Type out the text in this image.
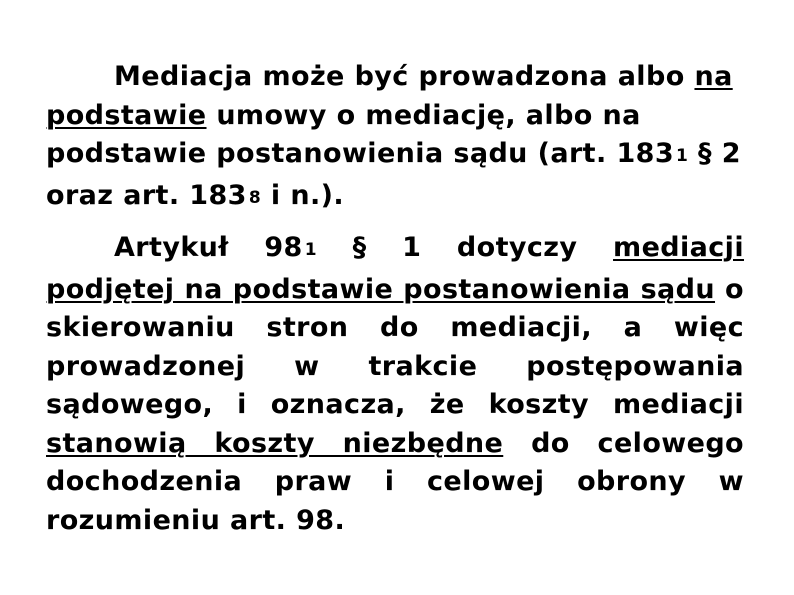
Mediacja może być prowadzona albo na podstawie umowy o mediację, albo na podstawie postanowienia sądu (art. 183 1 § 2 oraz art. 183 8 i n.).

Artykuł 98 1 § 1 dotyczy mediacji podjętej na podstawie postanowienia sądu o skierowaniu stron do mediacji, a więc prowadzonej w trakcie postępowania sądowego, i oznacza, że koszty mediacji stanowią koszty niezbędne do celowego dochodzenia praw i celowej obrony w rozumieniu art. 98.
